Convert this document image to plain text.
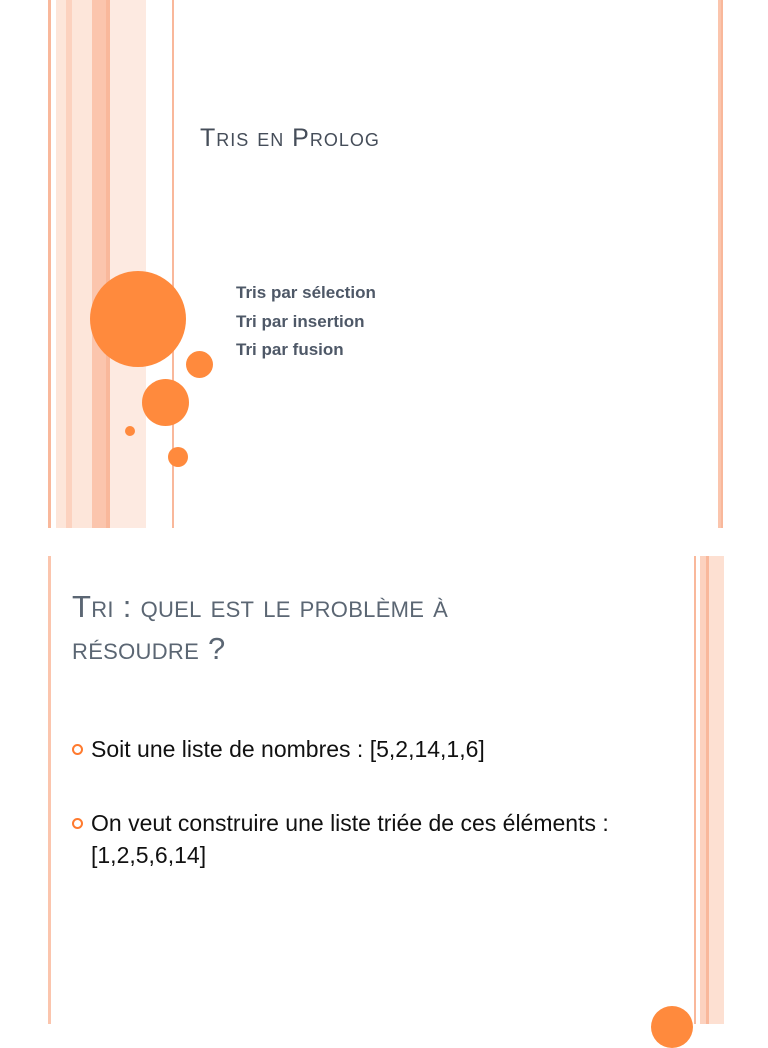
Tris en Prolog
Tris par sélection
Tri par insertion
Tri par fusion
Tri : quel est le problème à
résoudre ?
Soit une liste de nombres : [5,2,14,1,6]
On veut construire une liste triée de ces éléments : [1,2,5,6,14]
